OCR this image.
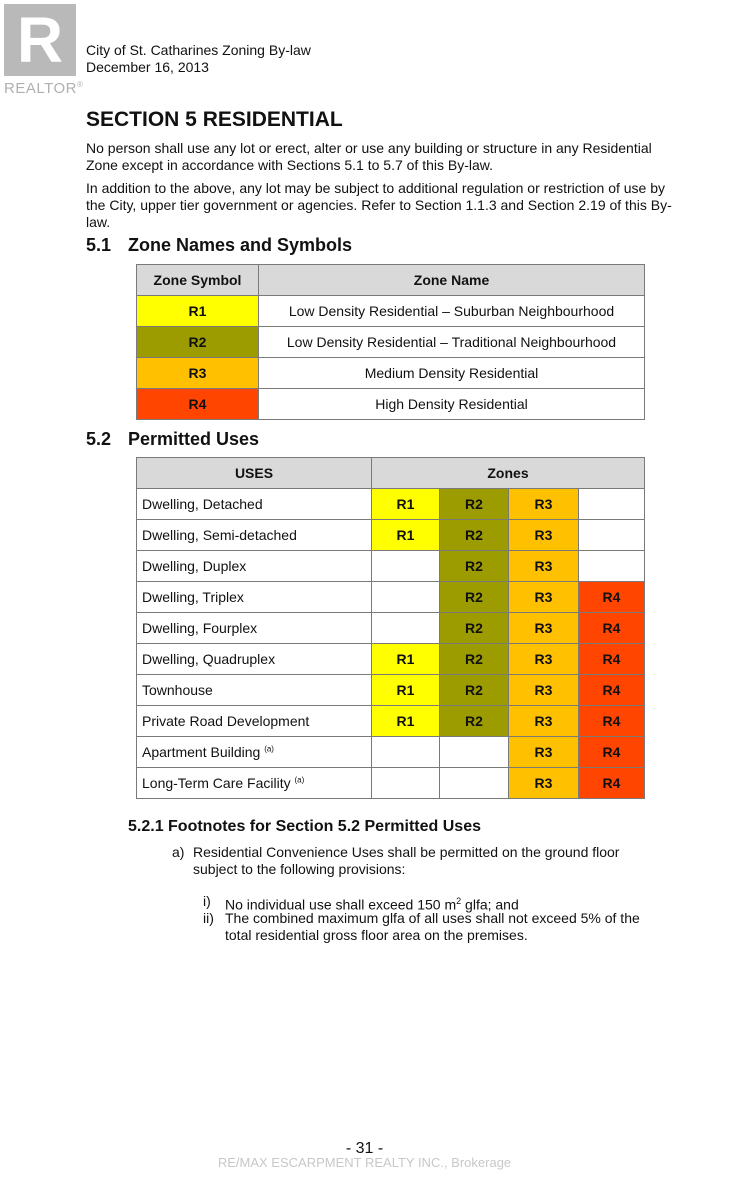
R
REALTOR®
City of St. Catharines Zoning By-law
December 16, 2013
SECTION 5 RESIDENTIAL
No person shall use any lot or erect, alter or use any building or structure in any Residential Zone except in accordance with Sections 5.1 to 5.7 of this By-law.
In addition to the above, any lot may be subject to additional regulation or restriction of use by the City, upper tier government or agencies. Refer to Section 1.1.3 and Section 2.19 of this By-law.
5.1 Zone Names and Symbols
Zone Symbol	Zone Name
R1	Low Density Residential – Suburban Neighbourhood
R2	Low Density Residential – Traditional Neighbourhood
R3	Medium Density Residential
R4	High Density Residential
5.2 Permitted Uses
USES	Zones			
Dwelling, Detached	R1	R2	R3	
Dwelling, Semi-detached	R1	R2	R3	
Dwelling, Duplex		R2	R3	
Dwelling, Triplex		R2	R3	R4
Dwelling, Fourplex		R2	R3	R4
Dwelling, Quadruplex	R1	R2	R3	R4
Townhouse	R1	R2	R3	R4
Private Road Development	R1	R2	R3	R4
Apartment Building $^{(a)}$			R3	R4
Long-Term Care Facility $^{(a)}$			R3	R4
5.2.1 Footnotes for Section 5.2 Permitted Uses
a) Residential Convenience Uses shall be permitted on the ground floor subject to the following provisions:
i) No individual use shall exceed 150 $m^2$ glfa; and
ii) The combined maximum glfa of all uses shall not exceed 5% of the total residential gross floor area on the premises.
- 31 -
RE/MAX ESCARPMENT REALTY INC., Brokerage
